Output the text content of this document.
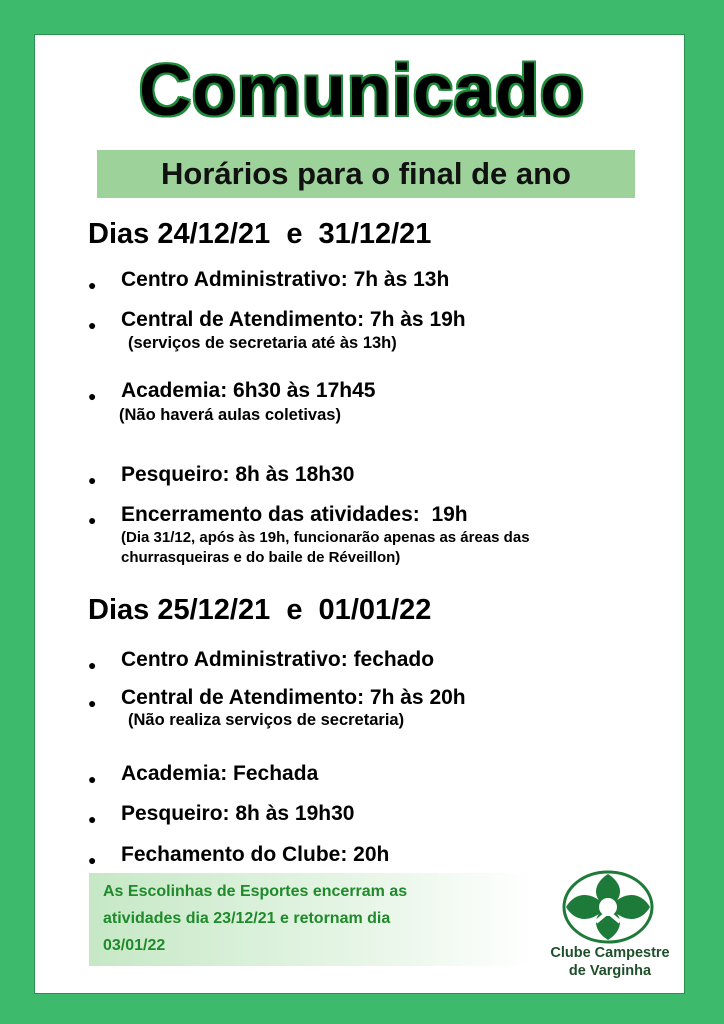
Comunicado
Horários para o final de ano
Dias 24/12/21  e  31/12/21
● Centro Administrativo: 7h às 13h

● Central de Atendimento: 7h às 19h

(serviços de secretaria até às 13h)

● Academia: 6h30 às 17h45

(Não haverá aulas coletivas)

● Pesqueiro: 8h às 18h30

● Encerramento das atividades:  19h

(Dia 31/12, após às 19h, funcionarão apenas as áreas das

churrasqueiras e do baile de Réveillon)

Dias 25/12/21  e  01/01/22
● Centro Administrativo: fechado

● Central de Atendimento: 7h às 20h

(Não realiza serviços de secretaria)

● Academia: Fechada

● Pesqueiro: 8h às 19h30

● Fechamento do Clube: 20h

As Escolinhas de Esportes encerram as
atividades dia 23/12/21 e retornam dia
03/01/22	Clube Campestre
de Varginha
